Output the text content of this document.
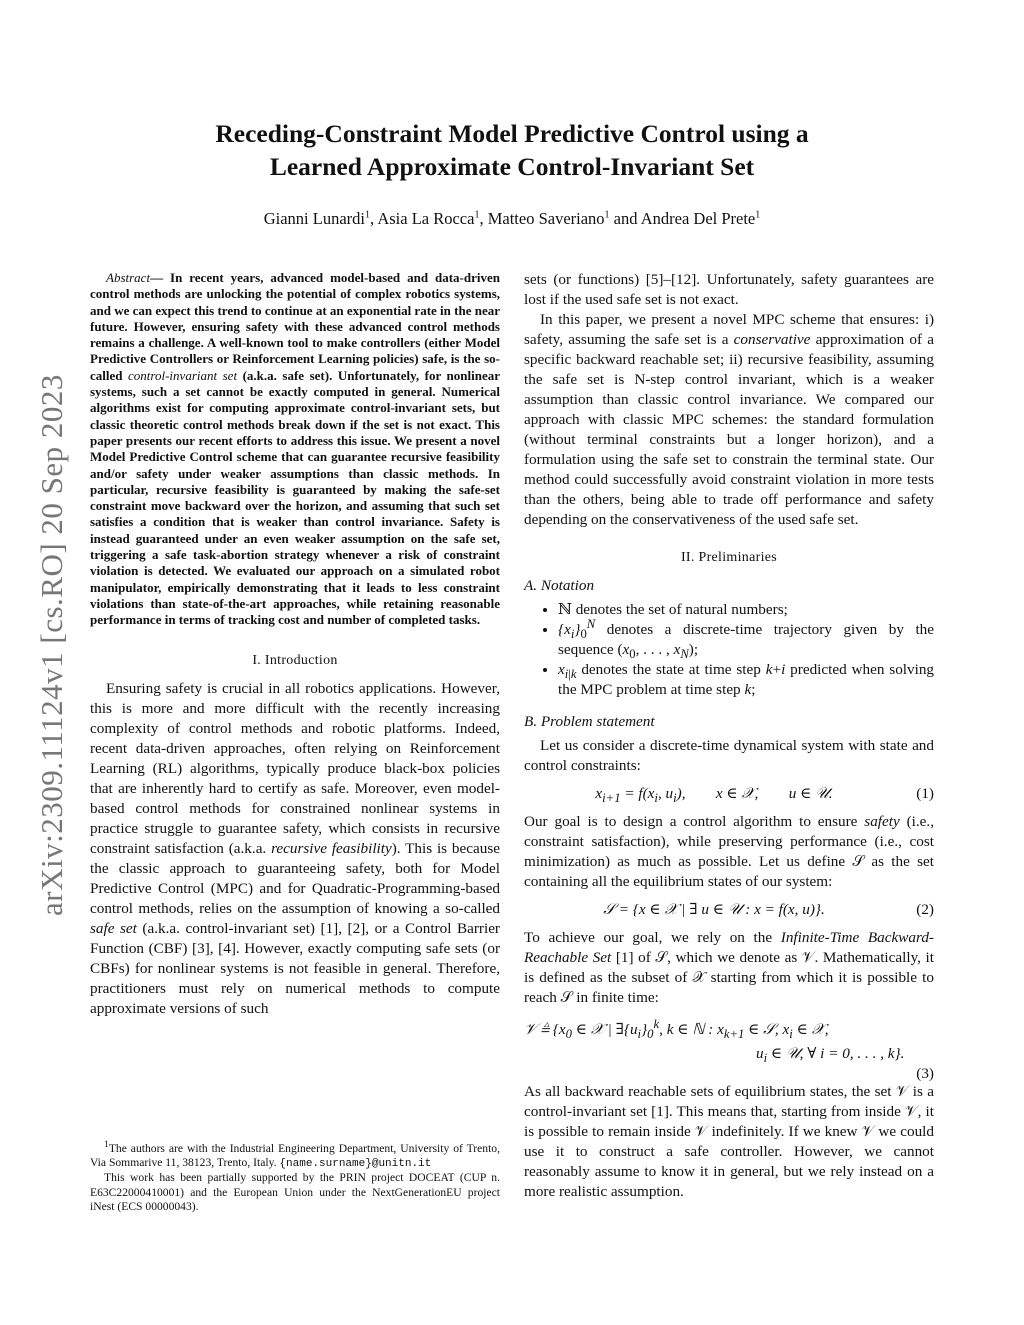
arXiv:2309.11124v1 [cs.RO] 20 Sep 2023
Receding-Constraint Model Predictive Control using a
Learned Approximate Control-Invariant Set
Gianni Lunardi$^1$, Asia La Rocca$^1$, Matteo Saveriano$^1$ and Andrea Del Prete$^1$

Abstract— In recent years, advanced model-based and data-driven control methods are unlocking the potential of complex robotics systems, and we can expect this trend to continue at an exponential rate in the near future. However, ensuring safety with these advanced control methods remains a challenge. A well-known tool to make controllers (either Model Predictive Controllers or Reinforcement Learning policies) safe, is the so-called control-invariant set (a.k.a. safe set). Unfortunately, for nonlinear systems, such a set cannot be exactly computed in general. Numerical algorithms exist for computing approximate control-invariant sets, but classic theoretic control methods break down if the set is not exact. This paper presents our recent efforts to address this issue. We present a novel Model Predictive Control scheme that can guarantee recursive feasibility and/or safety under weaker assumptions than classic methods. In particular, recursive feasibility is guaranteed by making the safe-set constraint move backward over the horizon, and assuming that such set satisfies a condition that is weaker than control invariance. Safety is instead guaranteed under an even weaker assumption on the safe set, triggering a safe task-abortion strategy whenever a risk of constraint violation is detected. We evaluated our approach on a simulated robot manipulator, empirically demonstrating that it leads to less constraint violations than state-of-the-art approaches, while retaining reasonable performance in terms of tracking cost and number of completed tasks.

I. Introduction

Ensuring safety is crucial in all robotics applications. However, this is more and more difficult with the recently increasing complexity of control methods and robotic platforms. Indeed, recent data-driven approaches, often relying on Reinforcement Learning (RL) algorithms, typically produce black-box policies that are inherently hard to certify as safe. Moreover, even model-based control methods for constrained nonlinear systems in practice struggle to guarantee safety, which consists in recursive constraint satisfaction (a.k.a. recursive feasibility). This is because the classic approach to guaranteeing safety, both for Model Predictive Control (MPC) and for Quadratic-Programming-based control methods, relies on the assumption of knowing a so-called safe set (a.k.a. control-invariant set) [1], [2], or a Control Barrier Function (CBF) [3], [4]. However, exactly computing safe sets (or CBFs) for nonlinear systems is not feasible in general. Therefore, practitioners must rely on numerical methods to compute approximate versions of such

$^1$The authors are with the Industrial Engineering Department, University of Trento, Via Sommarive 11, 38123, Trento, Italy. {name.surname}@unitn.it

This work has been partially supported by the PRIN project DOCEAT (CUP n. E63C22000410001) and the European Union under the NextGenerationEU project iNest (ECS 00000043).

sets (or functions) [5]–[12]. Unfortunately, safety guarantees are lost if the used safe set is not exact.

In this paper, we present a novel MPC scheme that ensures: i) safety, assuming the safe set is a conservative approximation of a specific backward reachable set; ii) recursive feasibility, assuming the safe set is N-step control invariant, which is a weaker assumption than classic control invariance. We compared our approach with classic MPC schemes: the standard formulation (without terminal constraints but a longer horizon), and a formulation using the safe set to constrain the terminal state. Our method could successfully avoid constraint violation in more tests than the others, being able to trade off performance and safety depending on the conservativeness of the used safe set.

II. Preliminaries
A. Notation
• ℕ denotes the set of natural numbers;
• $\{x_i\}_0^N$ denotes a discrete-time trajectory given by the sequence ($x_0$, . . . , $x_N$);
• $x_{i|k}$ denotes the state at time step k+i predicted when solving the MPC problem at time step k;
B. Problem statement

Let us consider a discrete-time dynamical system with state and control constraints:

$x_{i+1} = f(x_i$, $u_i$),        x ∈ 𝒳,        u ∈ 𝒰.	(1)

Our goal is to design a control algorithm to ensure safety (i.e., constraint satisfaction), while preserving performance (i.e., cost minimization) as much as possible. Let us define 𝒮 as the set containing all the equilibrium states of our system:

𝒮 = {x ∈ 𝒳 | ∃ u ∈ 𝒰 : x = f(x, u)}.	(2)

To achieve our goal, we rely on the Infinite-Time Backward-Reachable Set [1] of 𝒮, which we denote as 𝒱. Mathematically, it is defined as the subset of 𝒳 starting from which it is possible to reach 𝒮 in finite time:

𝒱 ≜ {$x_0$ ∈ 𝒳 | $\exists\{u_i\}_0^k$, k ∈ ℕ : $x_{k+1}$ ∈ 𝒮, $x_i$ ∈ 𝒳,
$u_i$ ∈ 𝒰, ∀ i = 0, . . . , k}.
(3)

As all backward reachable sets of equilibrium states, the set 𝒱 is a control-invariant set [1]. This means that, starting from inside 𝒱, it is possible to remain inside 𝒱 indefinitely. If we knew 𝒱 we could use it to construct a safe controller. However, we cannot reasonably assume to know it in general, but we rely instead on a more realistic assumption.
